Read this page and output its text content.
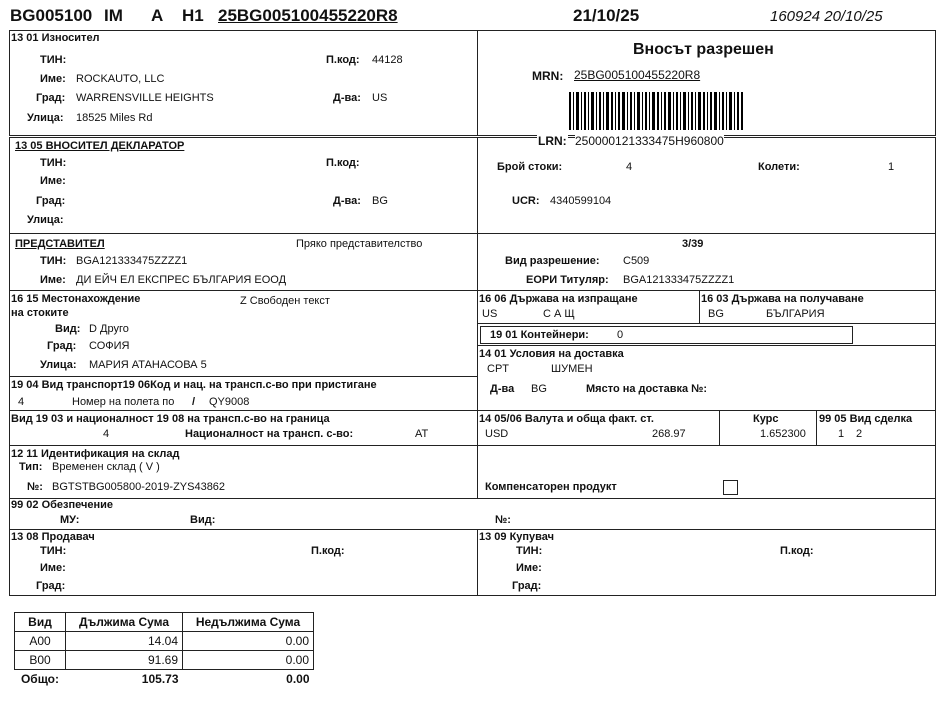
BG005100 IM A H1 25BG005100455220R8	21/10/25	160924 20/10/25
13 01 Износител
ТИН:
Име: ROCKAUTO, LLC
Град: WARRENSVILLE HEIGHTS
Улица: 18525 Miles Rd
П.код: 44128
Д-ва: US
Вносът разрешен
MRN: 25BG005100455220R8
13 05 ВНОСИТЕЛ ДЕКЛАРАТОР
ТИН:
Име:
Град:
Улица:
П.код:
Д-ва: BG
LRN: 250000121333475H960800
Брой стоки:	4	Колети:	1
UCR: 4340599104
ПРЕДСТАВИТЕЛ	Пряко представителство
ТИН: BGA121333475ZZZZ1
Име: ДИ ЕЙЧ ЕЛ ЕКСПРЕС БЪЛГАРИЯ ЕООД
3/39
Вид разрешение: C509
ЕОРИ Титуляр: BGA121333475ZZZZ1
16 15 Местонахождение
на стоките
Z Свободен текст
Вид: D Друго
Град: СОФИЯ
Улица: МАРИЯ АТАНАСОВА 5
16 06 Държава на изпращане
US	С А Щ
16 03 Държава на получаване
BG	БЪЛГАРИЯ
19 01 Контейнери:	0
14 01 Условия на доставка
CPT	ШУМЕН
Д-ва BG	Място на доставка №:
19 04 Вид транспорт19 06Код и нац. на трансп.с-во при пристигане
4	Номер на полета по / QY9008
Вид 19 03 и националност 19 08 на трансп.с-во на граница
4	Националност на трансп. с-во:	AT
14 05/06 Валута и обща факт. ст.
USD	268.97
Курс
1.652300
99 05 Вид сделка
1 2
12 11 Идентификация на склад
Тип: Временен склад ( V )
№: BGTSTBG005800-2019-ZYS43862	Компенсаторен продукт
99 02 Обезпечение
МУ:	Вид:	№:
13 08 Продавач
ТИН:
Име:
Град:
П.код:
13 09 Купувач
ТИН:
Име:
Град:
П.код:
Вид	Дължима Сума	Недължима Сума
A00	14.04	0.00
B00	91.69	0.00
Общо:	105.73	0.00
